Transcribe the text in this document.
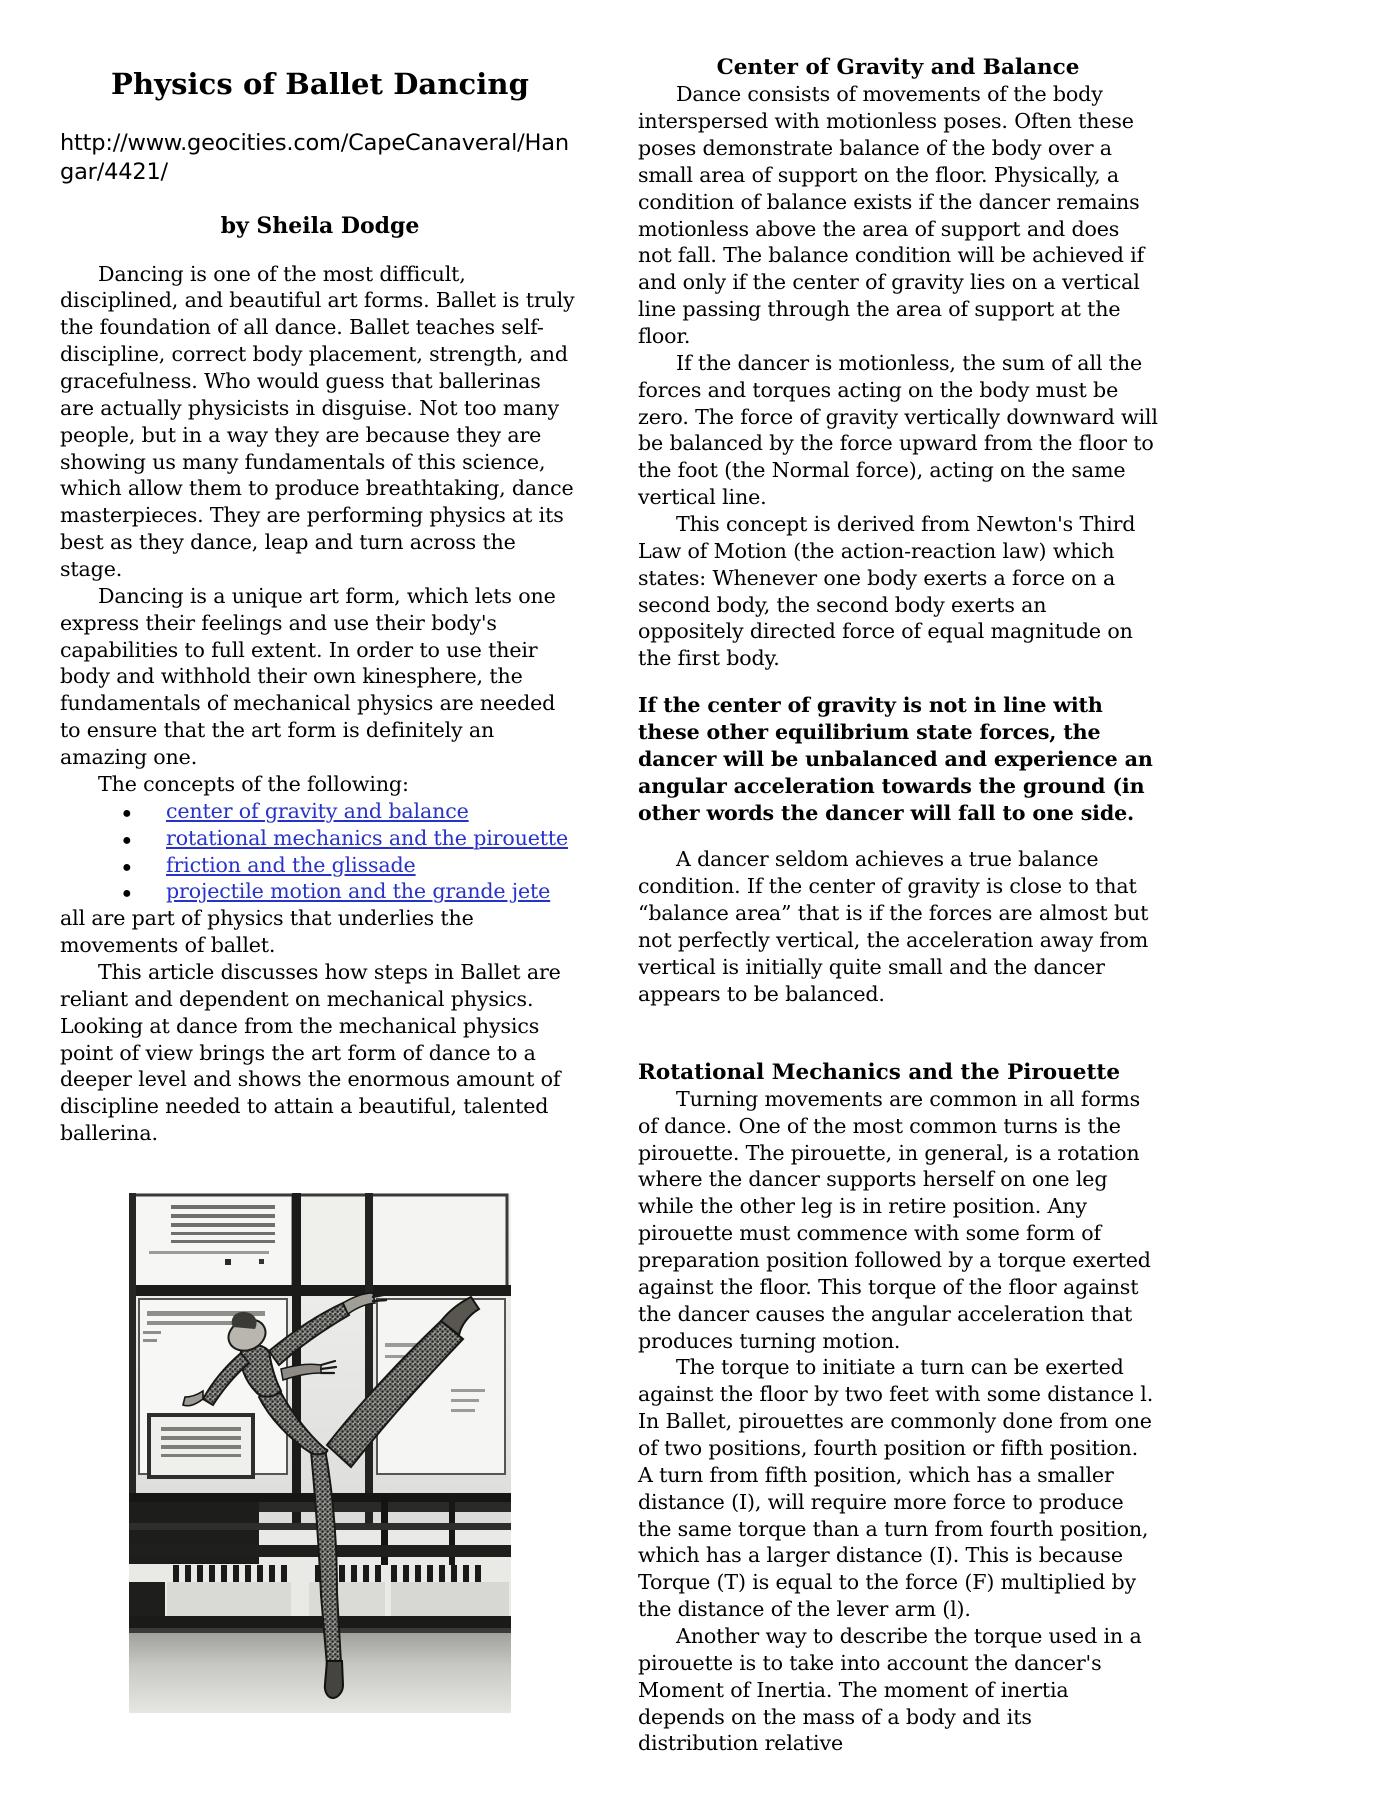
Physics of Ballet Dancing
http://www.geocities.com/CapeCanaveral/Hangar/4421/
by Sheila Dodge

Dancing is one of the most difficult, disciplined, and beautiful art forms. Ballet is truly the foundation of all dance. Ballet teaches self-discipline, correct body placement, strength, and gracefulness. Who would guess that ballerinas are actually physicists in disguise. Not too many people, but in a way they are because they are showing us many fundamentals of this science, which allow them to produce breathtaking, dance masterpieces. They are performing physics at its best as they dance, leap and turn across the stage.

Dancing is a unique art form, which lets one express their feelings and use their body's capabilities to full extent. In order to use their body and withhold their own kinesphere, the fundamentals of mechanical physics are needed to ensure that the art form is definitely an amazing one.

The concepts of the following:

●	center of gravity and balance
●	rotational mechanics and the pirouette
●	friction and the glissade
●	projectile motion and the grande jete

all are part of physics that underlies the movements of ballet.

This article discusses how steps in Ballet are reliant and dependent on mechanical physics. Looking at dance from the mechanical physics point of view brings the art form of dance to a deeper level and shows the enormous amount of discipline needed to attain a beautiful, talented ballerina.

Center of Gravity and Balance

Dance consists of movements of the body interspersed with motionless poses. Often these poses demonstrate balance of the body over a small area of support on the floor. Physically, a condition of balance exists if the dancer remains motionless above the area of support and does not fall. The balance condition will be achieved if and only if the center of gravity lies on a vertical line passing through the area of support at the floor.

If the dancer is motionless, the sum of all the forces and torques acting on the body must be zero. The force of gravity vertically downward will be balanced by the force upward from the floor to the foot (the Normal force), acting on the same vertical line.

This concept is derived from Newton's Third Law of Motion (the action-reaction law) which states: Whenever one body exerts a force on a second body, the second body exerts an oppositely directed force of equal magnitude on the first body.

If the center of gravity is not in line with these other equilibrium state forces, the dancer will be unbalanced and experience an angular acceleration towards the ground (in other words the dancer will fall to one side.

A dancer seldom achieves a true balance condition. If the center of gravity is close to that “balance area” that is if the forces are almost but not perfectly vertical, the acceleration away from vertical is initially quite small and the dancer appears to be balanced.

Rotational Mechanics and the Pirouette

Turning movements are common in all forms of dance. One of the most common turns is the pirouette. The pirouette, in general, is a rotation where the dancer supports herself on one leg while the other leg is in retire position. Any pirouette must commence with some form of preparation position followed by a torque exerted against the floor. This torque of the floor against the dancer causes the angular acceleration that produces turning motion.

The torque to initiate a turn can be exerted against the floor by two feet with some distance l. In Ballet, pirouettes are commonly done from one of two positions, fourth position or fifth position. A turn from fifth position, which has a smaller distance (I), will require more force to produce the same torque than a turn from fourth position, which has a larger distance (I). This is because Torque (T) is equal to the force (F) multiplied by the distance of the lever arm (l).

Another way to describe the torque used in a pirouette is to take into account the dancer's Moment of Inertia. The moment of inertia depends on the mass of a body and its distribution relative
